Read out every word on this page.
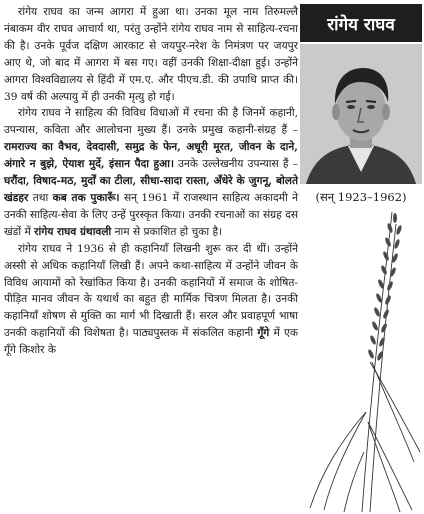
रांगेय राघव का जन्म आगरा में हुआ था। उनका मूल नाम तिरुमल्लै नंबाकम वीर राघव आचार्य था, परंतु उन्होंने रांगेय राघव नाम से साहित्य-रचना की है। उनके पूर्वज दक्षिण आरकाट से जयपुर-नरेश के निमंत्रण पर जयपुर आए थे, जो बाद में आगरा में बस गए। वहीं उनकी शिक्षा-दीक्षा हुई। उन्होंने आगरा विश्वविद्यालय से हिंदी में एम.ए. और पीएच.डी. की उपाधि प्राप्त की। 39 वर्ष की अल्पायु में ही उनकी मृत्यु हो गई।

रांगेय राघव ने साहित्य की विविध विधाओं में रचना की है जिनमें कहानी, उपन्यास, कविता और आलोचना मुख्य हैं। उनके प्रमुख कहानी-संग्रह हैं – रामराज्य का वैभव, देवदासी, समुद्र के फेन, अधूरी मूरत, जीवन के दाने, अंगारे न बुझे, ऐयाश मुर्दे, इंसान पैदा हुआ। उनके उल्लेखनीय उपन्यास हैं – घरौंदा, विषाद-मठ, मुर्दों का टीला, सीधा-सादा रास्ता, अँधेरे के जुगनू, बोलते खंडहर तथा कब तक पुकारूँ। सन् 1961 में राजस्थान साहित्य अकादमी ने उनकी साहित्य-सेवा के लिए उन्हें पुरस्कृत किया। उनकी रचनाओं का संग्रह दस खंडों में रांगेय राघव ग्रंथावली नाम से प्रकाशित हो चुका है।

रांगेय राघव ने 1936 से ही कहानियाँ लिखनी शुरू कर दी थीं। उन्होंने अस्सी से अधिक कहानियाँ लिखी हैं। अपने कथा-साहित्य में उन्होंने जीवन के विविध आयामों को रेखांकित किया है। उनकी कहानियों में समाज के शोषित-पीड़ित मानव जीवन के यथार्थ का बहुत ही मार्मिक चित्रण मिलता है। उनकी कहानियाँ शोषण से मुक्ति का मार्ग भी दिखाती हैं। सरल और प्रवाहपूर्ण भाषा उनकी कहानियों की विशेषता है। पाठ्यपुस्तक में संकलित कहानी गूँगे में एक गूँगे किशोर के

रांगेय राघव
(सन् 1923–1962)
